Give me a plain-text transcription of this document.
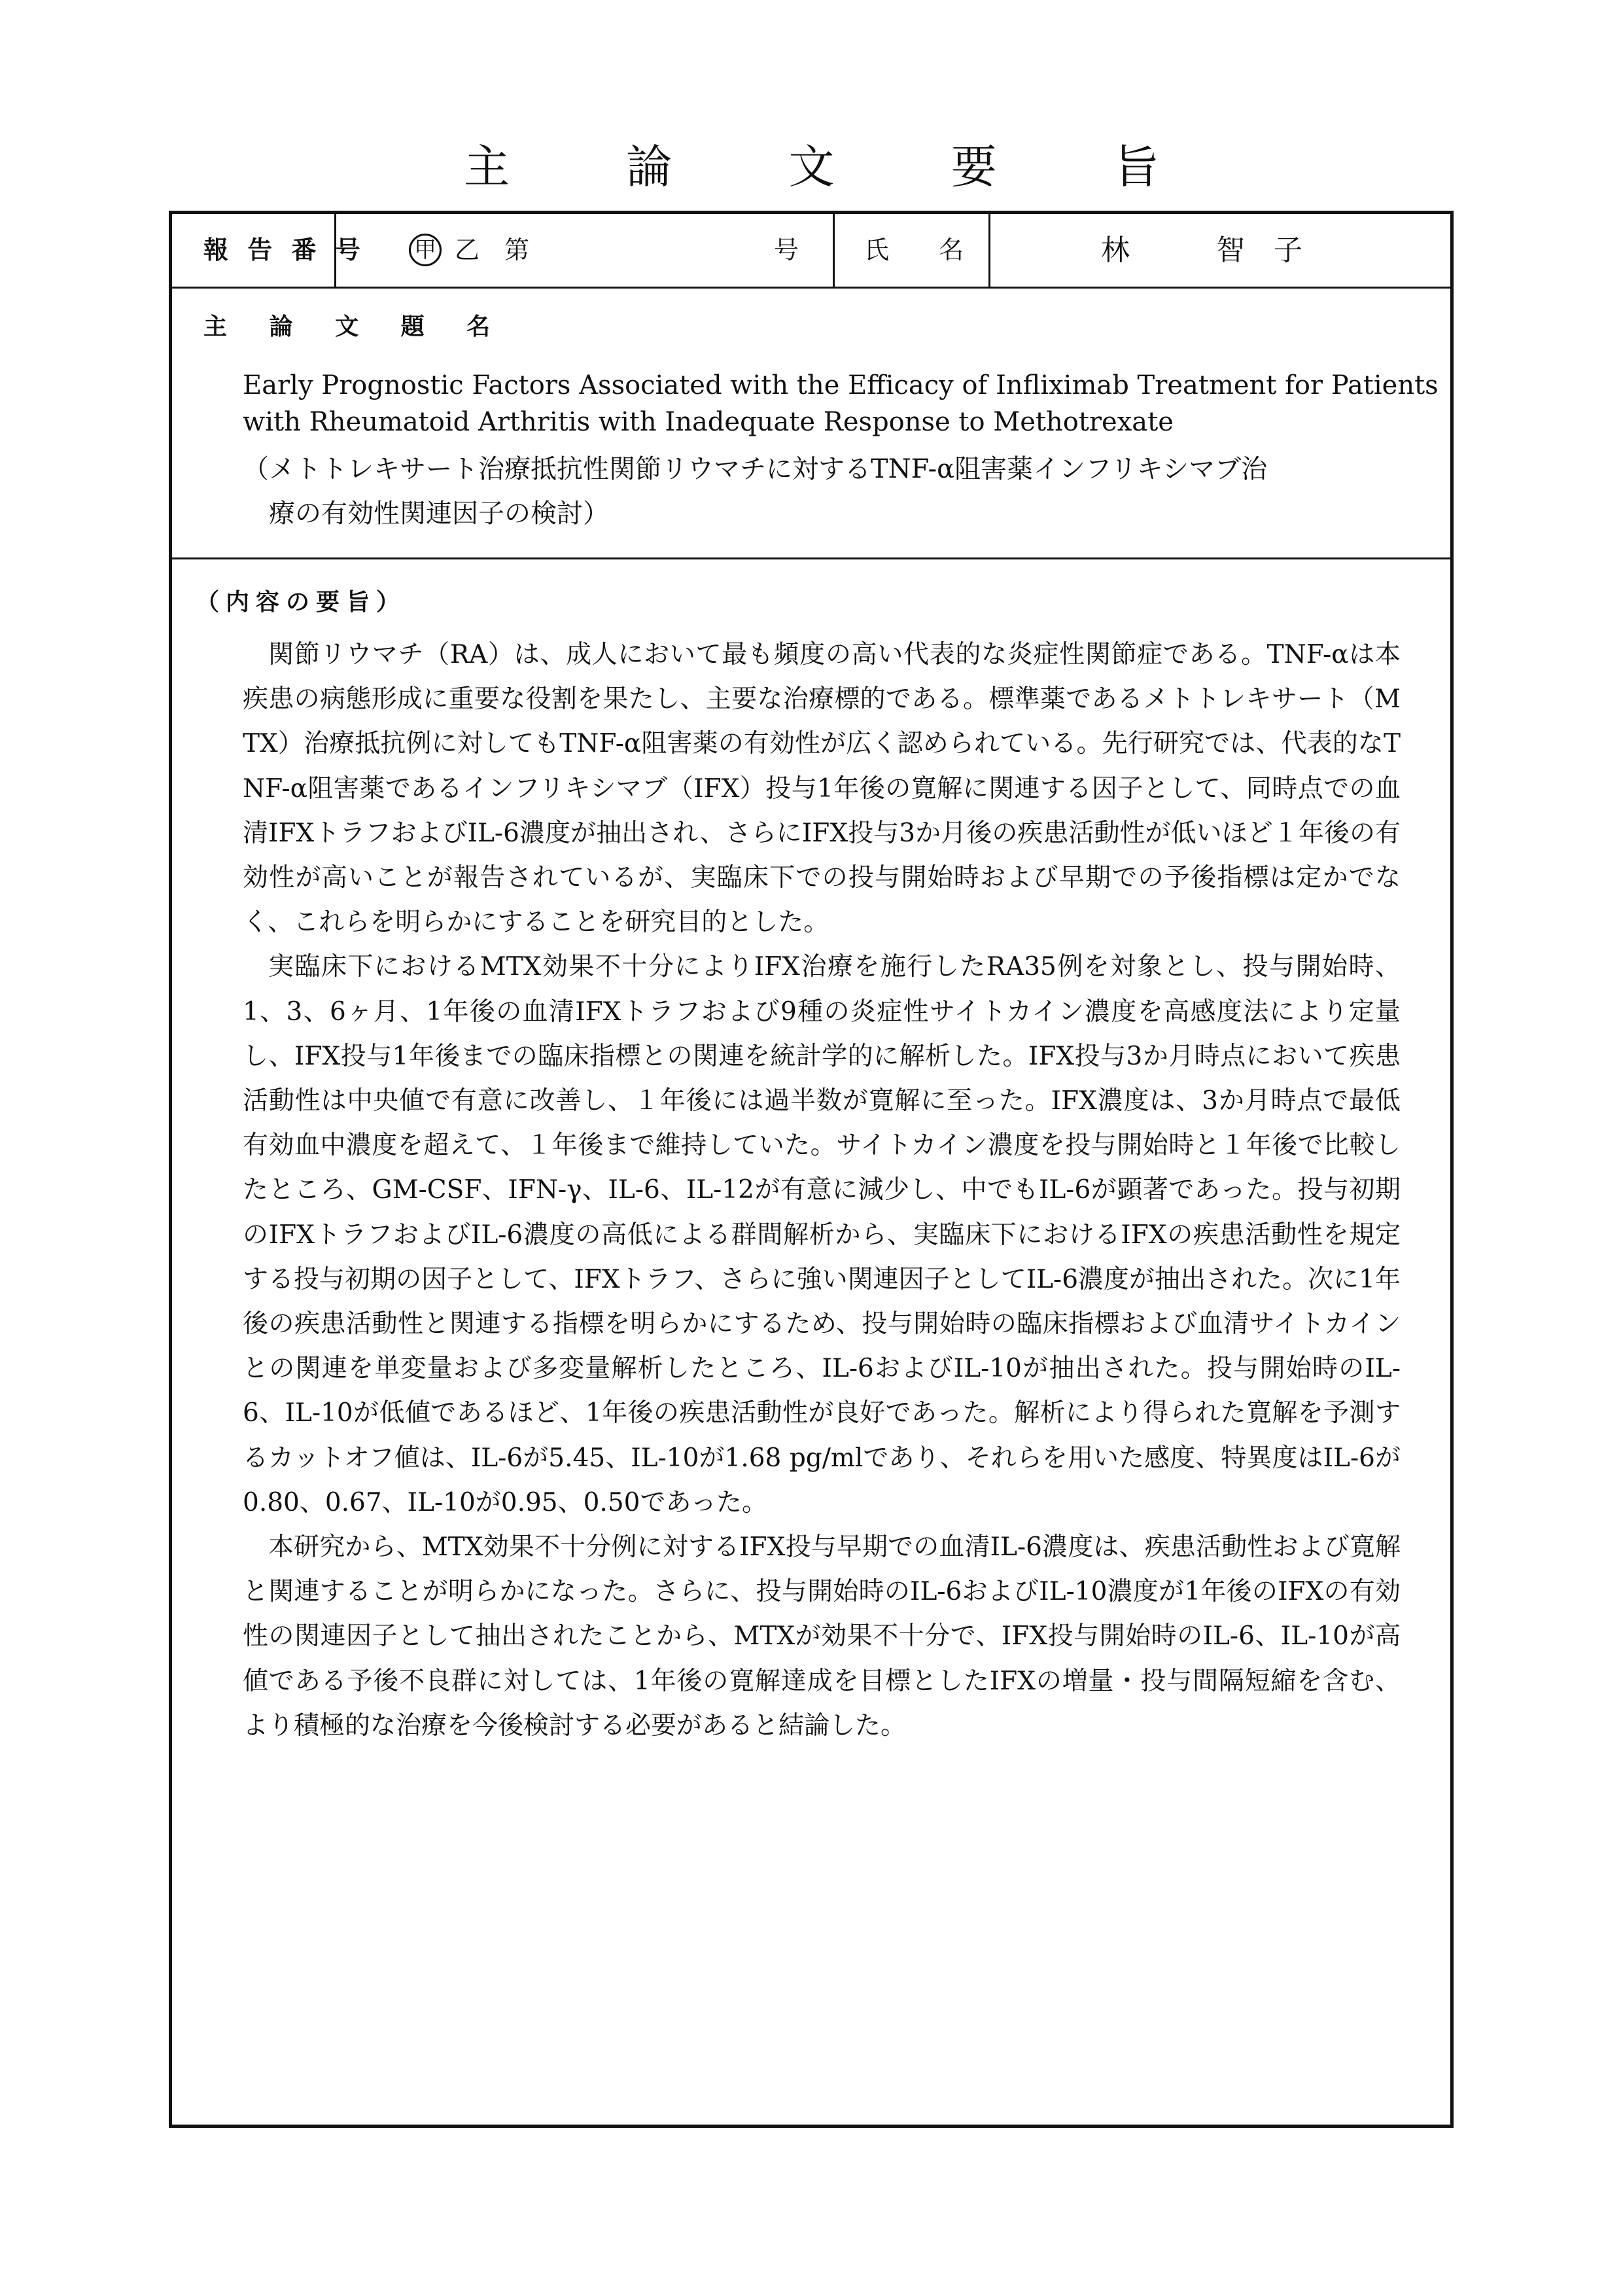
主 論 文 要 旨
報 告 番 号 甲 乙　第	号	氏　　名	林　　　智　子
主 論 文 題 名
Early Prognostic Factors Associated with the Efficacy of Infliximab Treatment for Patients
with Rheumatoid Arthritis with Inadequate Response to Methotrexate
（メトトレキサート治療抵抗性関節リウマチに対するTNF-α阻害薬インフリキシマブ治
　療の有効性関連因子の検討）
（内容の要旨）

関節リウマチ（RA）は、成人において最も頻度の高い代表的な炎症性関節症である。TNF-αは本疾患の病態形成に重要な役割を果たし、主要な治療標的である。標準薬であるメトトレキサート（MTX）治療抵抗例に対してもTNF-α阻害薬の有効性が広く認められている。先行研究では、代表的なTNF-α阻害薬であるインフリキシマブ（IFX）投与1年後の寛解に関連する因子として、同時点での血清IFXトラフおよびIL-6濃度が抽出され、さらにIFX投与3か月後の疾患活動性が低いほど１年後の有効性が高いことが報告されているが、実臨床下での投与開始時および早期での予後指標は定かでなく、これらを明らかにすることを研究目的とした。

実臨床下におけるMTX効果不十分によりIFX治療を施行したRA35例を対象とし、投与開始時、1、3、6ヶ月、1年後の血清IFXトラフおよび9種の炎症性サイトカイン濃度を高感度法により定量し、IFX投与1年後までの臨床指標との関連を統計学的に解析した。IFX投与3か月時点において疾患活動性は中央値で有意に改善し、１年後には過半数が寛解に至った。IFX濃度は、3か月時点で最低有効血中濃度を超えて、１年後まで維持していた。サイトカイン濃度を投与開始時と１年後で比較したところ、GM-CSF、IFN-γ、IL-6、IL-12が有意に減少し、中でもIL-6が顕著であった。投与初期のIFXトラフおよびIL-6濃度の高低による群間解析から、実臨床下におけるIFXの疾患活動性を規定する投与初期の因子として、IFXトラフ、さらに強い関連因子としてIL-6濃度が抽出された。次に1年後の疾患活動性と関連する指標を明らかにするため、投与開始時の臨床指標および血清サイトカインとの関連を単変量および多変量解析したところ、IL-6およびIL-10が抽出された。投与開始時のIL-6、IL-10が低値であるほど、1年後の疾患活動性が良好であった。解析により得られた寛解を予測するカットオフ値は、IL-6が5.45、IL-10が1.68 pg/mlであり、それらを用いた感度、特異度はIL-6が0.80、0.67、IL-10が0.95、0.50であった。

本研究から、MTX効果不十分例に対するIFX投与早期での血清IL-6濃度は、疾患活動性および寛解と関連することが明らかになった。さらに、投与開始時のIL-6およびIL-10濃度が1年後のIFXの有効性の関連因子として抽出されたことから、MTXが効果不十分で、IFX投与開始時のIL-6、IL-10が高値である予後不良群に対しては、1年後の寛解達成を目標としたIFXの増量・投与間隔短縮を含む、より積極的な治療を今後検討する必要があると結論した。
